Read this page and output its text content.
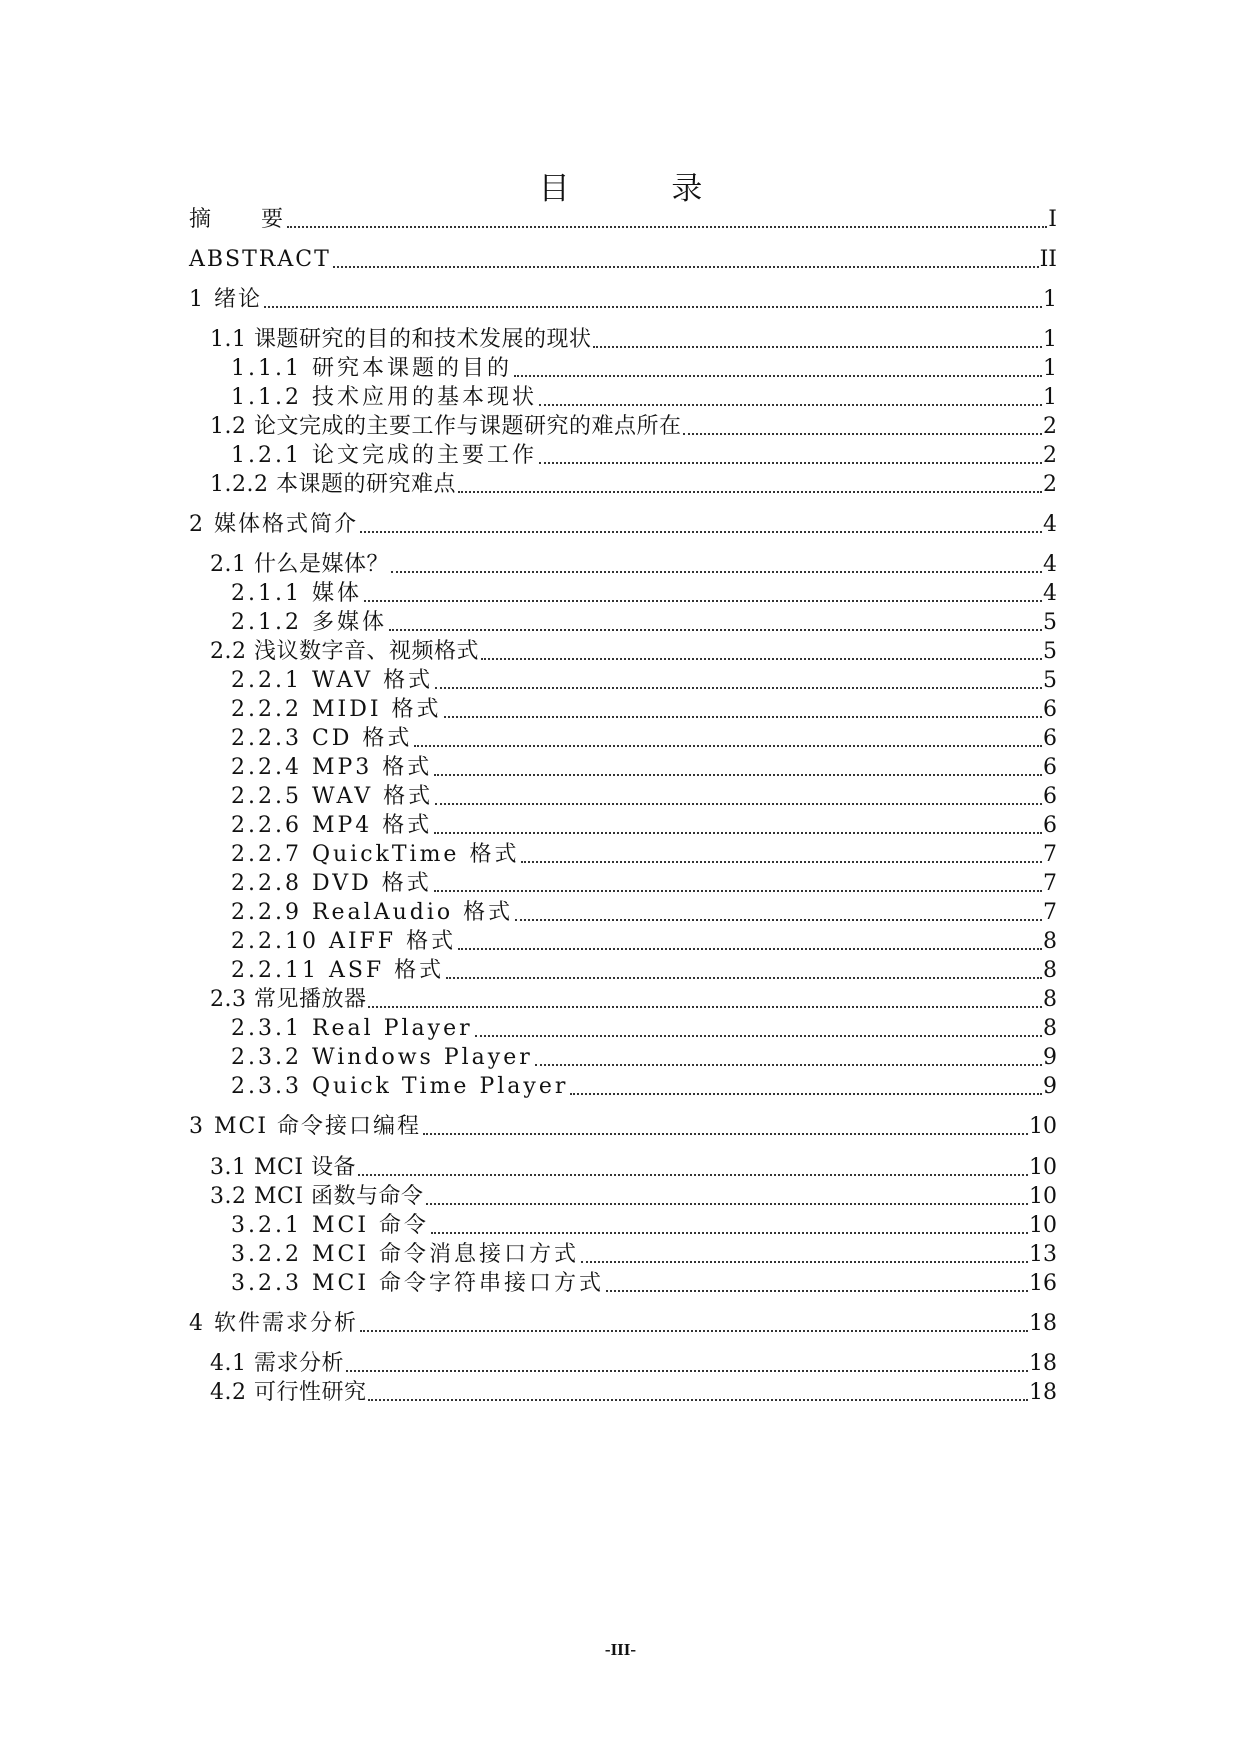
目 录
摘　　要	I
ABSTRACT	II
1 绪论	1
1.1 课题研究的目的和技术发展的现状	1
1.1.1 研究本课题的目的	1
1.1.2 技术应用的基本现状	1
1.2 论文完成的主要工作与课题研究的难点所在	2
1.2.1 论文完成的主要工作	2
1.2.2 本课题的研究难点	2
2 媒体格式简介	4
2.1 什么是媒体？	4
2.1.1 媒体	4
2.1.2 多媒体	5
2.2 浅议数字音、视频格式	5
2.2.1 WAV 格式	5
2.2.2 MIDI 格式	6
2.2.3 CD 格式	6
2.2.4 MP3 格式	6
2.2.5 WAV 格式	6
2.2.6 MP4 格式	6
2.2.7 QuickTime 格式	7
2.2.8 DVD 格式	7
2.2.9 RealAudio 格式	7
2.2.10 AIFF 格式	8
2.2.11 ASF 格式	8
2.3 常见播放器	8
2.3.1 Real Player	8
2.3.2 Windows Player	9
2.3.3 Quick Time Player	9
3 MCI 命令接口编程	10
3.1 MCI 设备	10
3.2 MCI 函数与命令	10
3.2.1 MCI 命令	10
3.2.2 MCI 命令消息接口方式	13
3.2.3 MCI 命令字符串接口方式	16
4 软件需求分析	18
4.1 需求分析	18
4.2 可行性研究	18
-III-
